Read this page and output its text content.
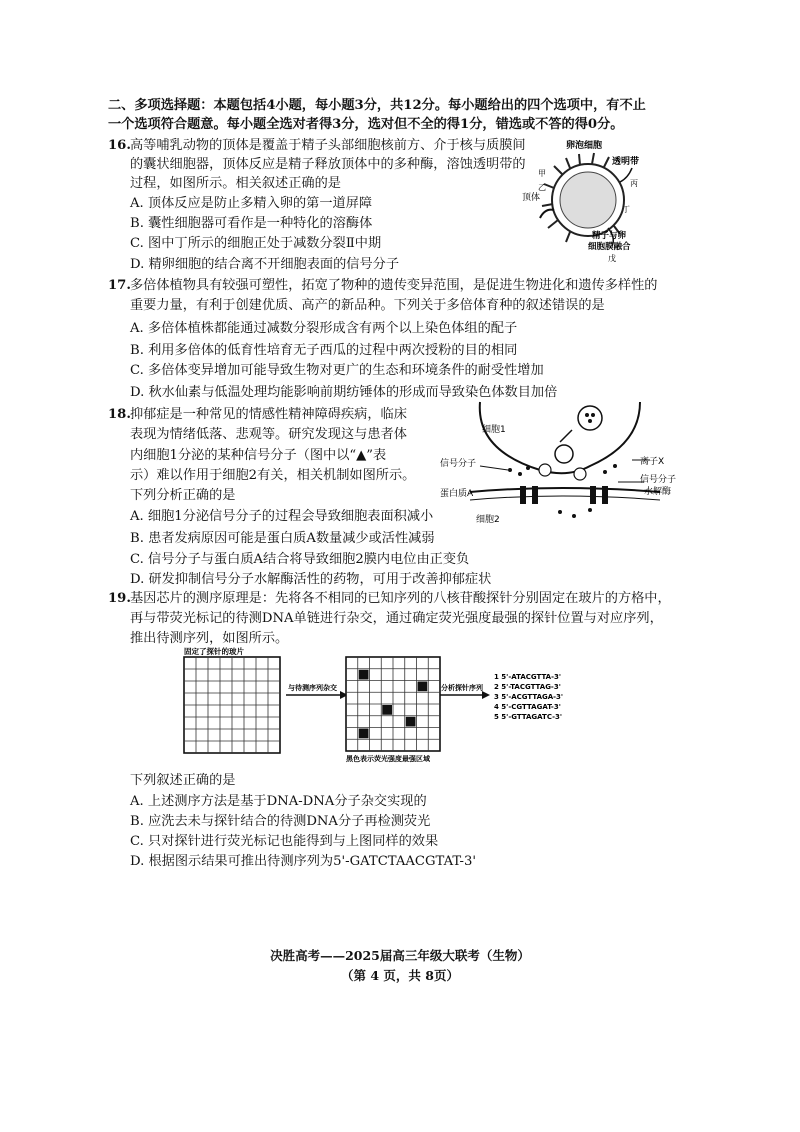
二、多项选择题：本题包括4小题，每小题3分，共12分。每小题给出的四个选项中，有不止
一个选项符合题意。每小题全选对者得3分，选对但不全的得1分，错选或不答的得0分。
16. 高等哺乳动物的顶体是覆盖于精子头部细胞核前方、介于核与质膜间
的囊状细胞器，顶体反应是精子释放顶体中的多种酶，溶蚀透明带的
过程，如图所示。相关叙述正确的是
A. 顶体反应是防止多精入卵的第一道屏障
B. 囊性细胞器可看作是一种特化的溶酶体
C. 图中丁所示的细胞正处于减数分裂Ⅱ中期
D. 精卵细胞的结合离不开细胞表面的信号分子
卵泡细胞
透明带
甲
乙	丙
顶体
丁
精子与卵
细胞膜融合
戊
17. 多倍体植物具有较强可塑性，拓宽了物种的遗传变异范围，是促进生物进化和遗传多样性的
重要力量，有利于创建优质、高产的新品种。下列关于多倍体育种的叙述错误的是
A. 多倍体植株都能通过减数分裂形成含有两个以上染色体组的配子
B. 利用多倍体的低育性培育无子西瓜的过程中两次授粉的目的相同
C. 多倍体变异增加可能导致生物对更广的生态和环境条件的耐受性增加
D. 秋水仙素与低温处理均能影响前期纺锤体的形成而导致染色体数目加倍
18. 抑郁症是一种常见的情感性精神障碍疾病，临床
表现为情绪低落、悲观等。研究发现这与患者体
内细胞1分泌的某种信号分子（图中以“▲”表
示）难以作用于细胞2有关，相关机制如图所示。
下列分析正确的是
A. 细胞1分泌信号分子的过程会导致细胞表面积减小
B. 患者发病原因可能是蛋白质A数量减少或活性减弱
C. 信号分子与蛋白质A结合将导致细胞2膜内电位由正变负
D. 研发抑制信号分子水解酶活性的药物，可用于改善抑郁症状
细胞1
信号分子
蛋白质A
细胞2
离子X
信号分子
水解酶
19. 基因芯片的测序原理是：先将各不相同的已知序列的八核苷酸探针分别固定在玻片的方格中，
再与带荧光标记的待测DNA单链进行杂交，通过确定荧光强度最强的探针位置与对应序列，
推出待测序列，如图所示。
固定了探针的玻片
与待测序列杂交
黑色表示荧光强度最强区域
分析探针序列
1 5'-ATACGTTA-3'
2 5'-TACGTTAG-3'
3 5'-ACGTTAGA-3'
4 5'-CGTTAGAT-3'
5 5'-GTTAGATC-3'
下列叙述正确的是
A. 上述测序方法是基于DNA-DNA分子杂交实现的
B. 应洗去未与探针结合的待测DNA分子再检测荧光
C. 只对探针进行荧光标记也能得到与上图同样的效果
D. 根据图示结果可推出待测序列为5'-GATCTAACGTAT-3'
决胜高考——2025届高三年级大联考（生物）
（第 4 页，共 8页）
